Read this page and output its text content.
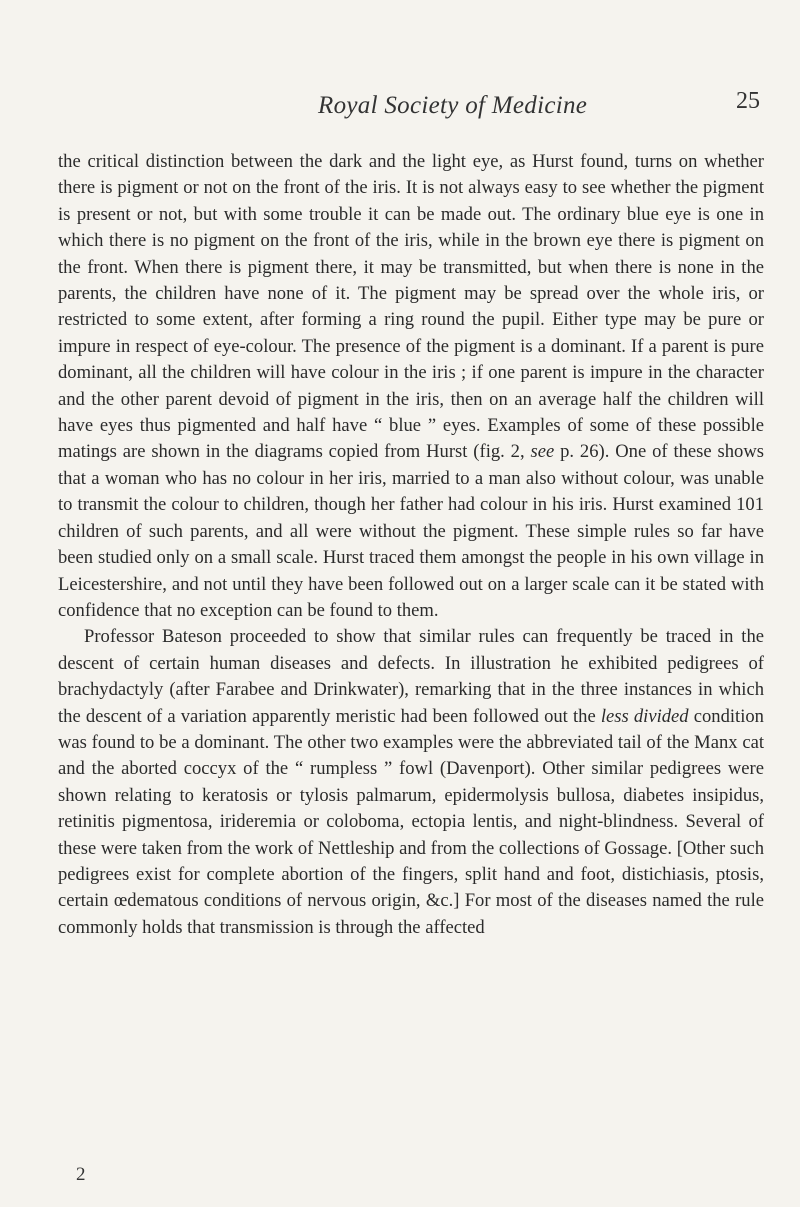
Royal Society of Medicine	25

the critical distinction between the dark and the light eye, as Hurst found, turns on whether there is pigment or not on the front of the iris. It is not always easy to see whether the pigment is present or not, but with some trouble it can be made out. The ordinary blue eye is one in which there is no pigment on the front of the iris, while in the brown eye there is pigment on the front. When there is pigment there, it may be transmitted, but when there is none in the parents, the children have none of it. The pigment may be spread over the whole iris, or restricted to some extent, after forming a ring round the pupil. Either type may be pure or impure in respect of eye-colour. The presence of the pigment is a dominant. If a parent is pure dominant, all the children will have colour in the iris ; if one parent is impure in the character and the other parent devoid of pigment in the iris, then on an average half the children will have eyes thus pigmented and half have “ blue ” eyes. Examples of some of these possible matings are shown in the diagrams copied from Hurst (fig. 2, see p. 26). One of these shows that a woman who has no colour in her iris, married to a man also without colour, was unable to transmit the colour to children, though her father had colour in his iris. Hurst examined 101 children of such parents, and all were without the pigment. These simple rules so far have been studied only on a small scale. Hurst traced them amongst the people in his own village in Leicestershire, and not until they have been followed out on a larger scale can it be stated with confidence that no exception can be found to them.

Professor Bateson proceeded to show that similar rules can frequently be traced in the descent of certain human diseases and defects. In illustration he exhibited pedigrees of brachydactyly (after Farabee and Drinkwater), remarking that in the three instances in which the descent of a variation apparently meristic had been followed out the less divided condition was found to be a dominant. The other two examples were the abbreviated tail of the Manx cat and the aborted coccyx of the “ rumpless ” fowl (Davenport). Other similar pedigrees were shown relating to keratosis or tylosis palmarum, epidermolysis bullosa, diabetes insipidus, retinitis pigmentosa, irideremia or coloboma, ectopia lentis, and night-blindness. Several of these were taken from the work of Nettleship and from the collections of Gossage. [Other such pedigrees exist for complete abortion of the fingers, split hand and foot, distichiasis, ptosis, certain œdematous conditions of nervous origin, &c.] For most of the diseases named the rule commonly holds that transmission is through the affected

2
